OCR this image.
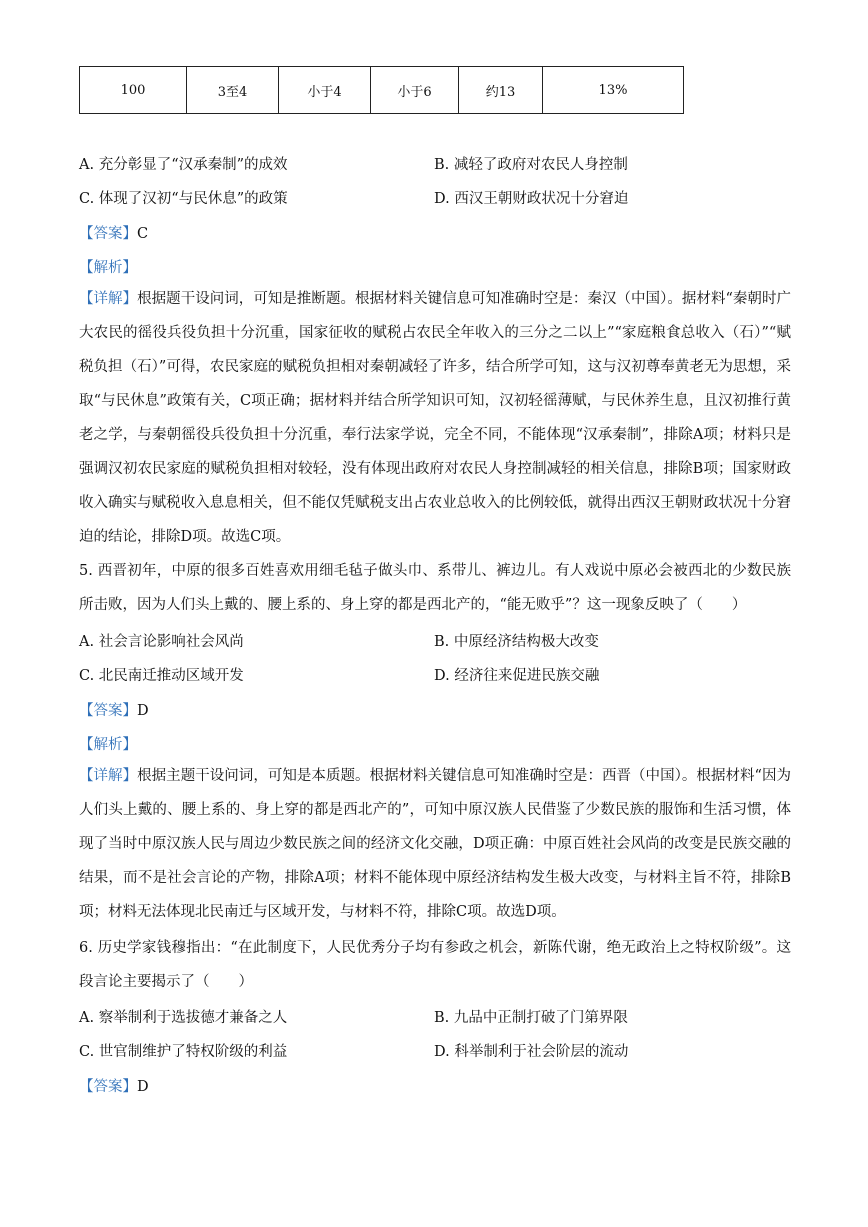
100	3至4	小于4	小于6	约13	13%
A. 充分彰显了“汉承秦制”的成效	B. 减轻了政府对农民人身控制
C. 体现了汉初“与民休息”的政策	D. 西汉王朝财政状况十分窘迫
【答案】C
【解析】
【详解】根据题干设问词，可知是推断题。根据材料关键信息可知准确时空是：秦汉（中国）。据材料“秦朝时广大农民的徭役兵役负担十分沉重，国家征收的赋税占农民全年收入的三分之二以上”“家庭粮食总收入（石）”“赋税负担（石）”可得，农民家庭的赋税负担相对秦朝减轻了许多，结合所学可知，这与汉初尊奉黄老无为思想，采取“与民休息”政策有关，C项正确；据材料并结合所学知识可知，汉初轻徭薄赋，与民休养生息，且汉初推行黄老之学，与秦朝徭役兵役负担十分沉重，奉行法家学说，完全不同，不能体现“汉承秦制”，排除A项；材料只是强调汉初农民家庭的赋税负担相对较轻，没有体现出政府对农民人身控制减轻的相关信息，排除B项；国家财政收入确实与赋税收入息息相关，但不能仅凭赋税支出占农业总收入的比例较低，就得出西汉王朝财政状况十分窘迫的结论，排除D项。故选C项。
5. 西晋初年，中原的很多百姓喜欢用细毛毡子做头巾、系带儿、裤边儿。有人戏说中原必会被西北的少数民族所击败，因为人们头上戴的、腰上系的、身上穿的都是西北产的，“能无败乎”？这一现象反映了（　　）
A. 社会言论影响社会风尚	B. 中原经济结构极大改变
C. 北民南迁推动区域开发	D. 经济往来促进民族交融
【答案】D
【解析】
【详解】根据主题干设问词，可知是本质题。根据材料关键信息可知准确时空是：西晋（中国）。根据材料“因为人们头上戴的、腰上系的、身上穿的都是西北产的”，可知中原汉族人民借鉴了少数民族的服饰和生活习惯，体现了当时中原汉族人民与周边少数民族之间的经济文化交融，D项正确：中原百姓社会风尚的改变是民族交融的结果，而不是社会言论的产物，排除A项；材料不能体现中原经济结构发生极大改变，与材料主旨不符，排除B项；材料无法体现北民南迁与区域开发，与材料不符，排除C项。故选D项。
6. 历史学家钱穆指出：“在此制度下，人民优秀分子均有参政之机会，新陈代谢，绝无政治上之特权阶级”。这段言论主要揭示了（　　）
A. 察举制利于选拔德才兼备之人	B. 九品中正制打破了门第界限
C. 世官制维护了特权阶级的利益	D. 科举制利于社会阶层的流动
【答案】D
